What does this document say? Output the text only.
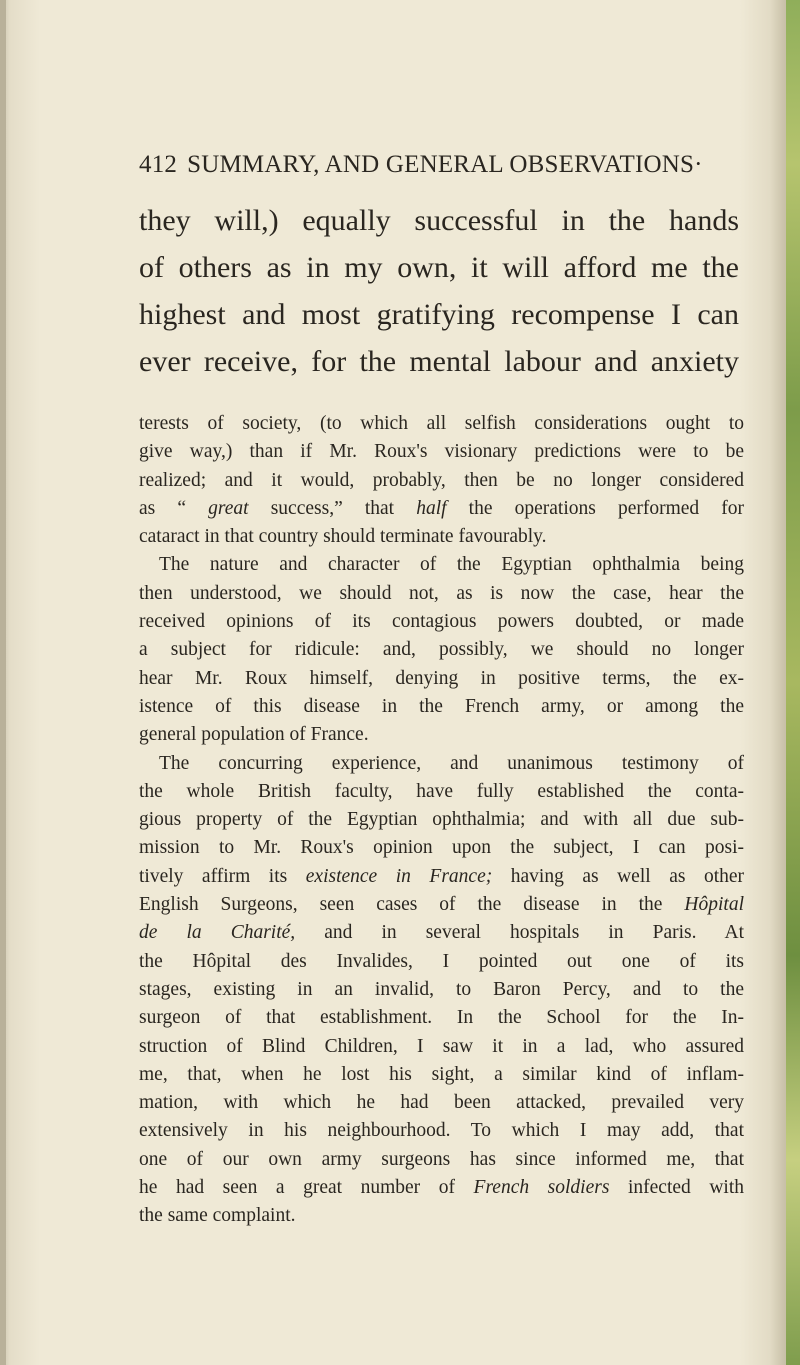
412 SUMMARY, AND GENERAL OBSERVATIONS·
they will,) equally successful in the hands
of others as in my own, it will afford me the
highest and most gratifying recompense I can
ever receive, for the mental labour and anxiety
terests of society, (to which all selfish considerations ought to
give way,) than if Mr. Roux's visionary predictions were to be
realized; and it would, probably, then be no longer considered
as “ great success,” that half the operations performed for
cataract in that country should terminate favourably.
The nature and character of the Egyptian ophthalmia being
then understood, we should not, as is now the case, hear the
received opinions of its contagious powers doubted, or made
a subject for ridicule: and, possibly, we should no longer
hear Mr. Roux himself, denying in positive terms, the ex-
istence of this disease in the French army, or among the
general population of France.
The concurring experience, and unanimous testimony of
the whole British faculty, have fully established the conta-
gious property of the Egyptian ophthalmia; and with all due sub-
mission to Mr. Roux's opinion upon the subject, I can posi-
tively affirm its existence in France; having as well as other
English Surgeons, seen cases of the disease in the Hôpital
de la Charité, and in several hospitals in Paris. At
the Hôpital des Invalides, I pointed out one of its
stages, existing in an invalid, to Baron Percy, and to the
surgeon of that establishment. In the School for the In-
struction of Blind Children, I saw it in a lad, who assured
me, that, when he lost his sight, a similar kind of inflam-
mation, with which he had been attacked, prevailed very
extensively in his neighbourhood. To which I may add, that
one of our own army surgeons has since informed me, that
he had seen a great number of French soldiers infected with
the same complaint.
